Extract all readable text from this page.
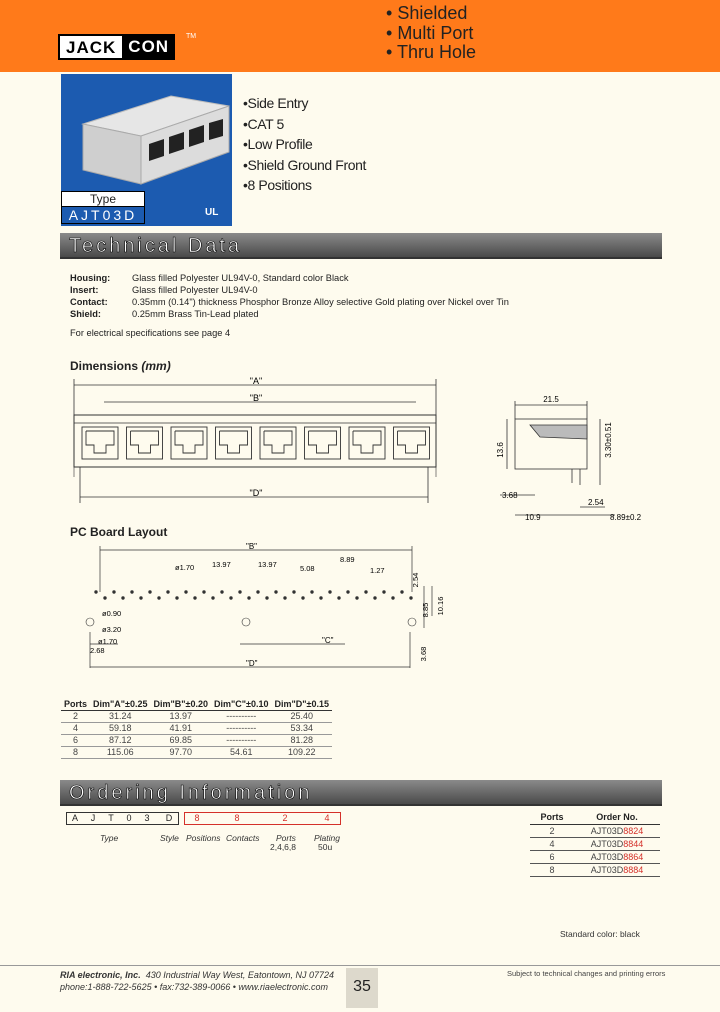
JACK CON
TM
• Shielded
• Multi Port
• Thru Hole
Type
AJT03D	UL
• Side Entry
• CAT 5
• Low Profile
• Shield Ground Front
• 8 Positions
Technical Data
Housing:	Glass filled Polyester UL94V-0, Standard color Black
Insert:	Glass filled Polyester UL94V-0
Contact:	0.35mm (0.14") thickness Phosphor Bronze Alloy selective Gold plating over Nickel over Tin
Shield:	0.25mm Brass Tin-Lead plated
For electrical specifications see page 4
Dimensions (mm)
"A"
"B"
"D"
21.5
13.6	3.30±0.51
3.68
2.54
10.9	8.89±0.2
PC Board Layout
"B"
"C"
"D"
ø1.70 13.97	13.97	5.08
8.89
1.27
2.54
10.16
8.85
3.68
ø0.90
ø3.20
ø1.70
2.68
Ports	Dim"A"±0.25	Dim"B"±0.20	Dim"C"±0.10	Dim"D"±0.15
2	31.24	13.97	----------	25.40
4	59.18	41.91	----------	53.34
6	87.12	69.85	----------	81.28
8	115.06	97.70	54.61	109.22
Ordering Information
A	J	T	0	3	D	8	8	2	4
Type	Style Positions Contacts Ports
2,4,6,8
Plating
50u
Ports	Order No.
2	AJT03D8824
4	AJT03D8844
6	AJT03D8864
8	AJT03D8884
Standard color: black
RIA electronic, Inc. 430 Industrial Way West, Eatontown, NJ 07724
phone:1-888-722-5625 • fax:732-389-0066 • www.riaelectronic.com	35
Subject to technical changes and printing errors
